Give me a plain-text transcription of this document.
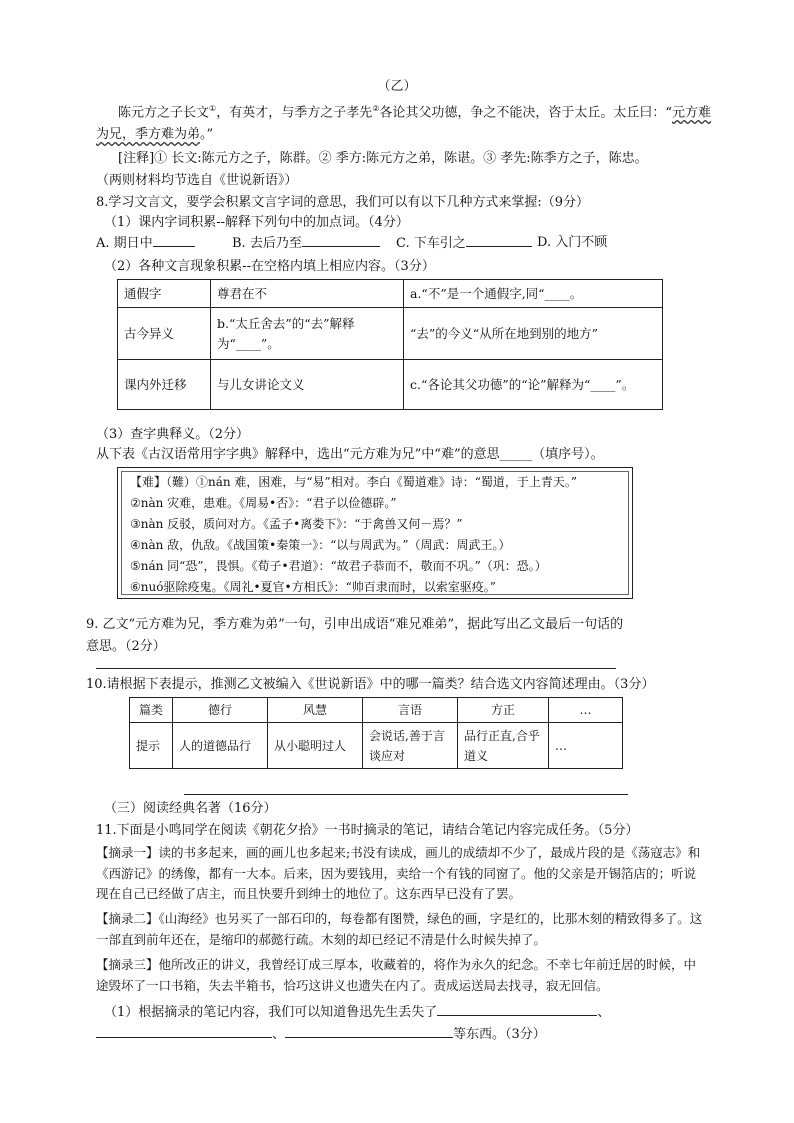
（乙）
陈元方之子长文①，有英才，与季方之子孝先②各论其父功德，争之不能决，咨于太丘。太丘曰：“元方难为兄，季方难为弟。”
[注释]① 长文:陈元方之子，陈群。② 季方:陈元方之弟，陈谌。③ 孝先:陈季方之子，陈忠。
（两则材料均节选自《世说新语》）
8.学习文言文，要学会积累文言字词的意思，我们可以有以下几种方式来掌握:（9分）
（1）课内字词积累--解释下列句中的加点词。（4分）
A. 期日中	B. 去后乃至	C. 下车引之	D. 入门不顾
（2）各种文言现象积累--在空格内填上相应内容。（3分）
通假字	尊君在不	a.“不”是一个通假字,同“____。
古今异义	b.“太丘舍去”的“去”解释为“____”。	“去”的今义“从所在地到别的地方”
课内外迁移	与儿女讲论文义	c.“各论其父功德”的“论”解释为“____”。
（3）查字典释义。（2分）
从下表《古汉语常用字字典》解释中，选出“元方难为兄”中“难”的意思_____（填序号）。
【难】（難）①nán 难，困难，与“易”相对。李白《蜀道难》诗：“蜀道，于上青天。”
②nàn 灾难，患难。《周易•否》：“君子以俭德辟。”
③nàn 反驳，质问对方。《孟子•离娄下》：“于禽兽又何－焉？”
④nàn 敌，仇敌。《战国策•秦策一》：“以与周武为。”（周武：周武王。）
⑤nán 同“恐”，畏惧。《荀子•君道》：“故君子恭而不，敬而不巩。”（巩：恐。）
⑥nuó驱除疫鬼。《周礼•夏官•方相氏》：“帅百隶而时，以索室驱疫。”
9. 乙文“元方难为兄，季方难为弟”一句，引申出成语“难兄难弟”，据此写出乙文最后一句话的
意思。（2分）
10.请根据下表提示，推测乙文被编入《世说新语》中的哪一篇类？结合选文内容简述理由。（3分）
篇类	德行	风慧	言语	方正	…
提示	人的道德品行	从小聪明过人	会说话,善于言谈应对	品行正直,合乎道义	…
（三）阅读经典名著（16分）
11.下面是小鸣同学在阅读《朝花夕拾》一书时摘录的笔记，请结合笔记内容完成任务。（5分）
【摘录一】读的书多起来，画的画儿也多起来;书没有读成，画儿的成绩却不少了，最成片段的是《荡寇志》和《西游记》的绣像，都有一大本。后来，因为要钱用，卖给一个有钱的同窗了。他的父亲是开锡箔店的；听说现在自己已经做了店主，而且快要升到绅士的地位了。这东西早已没有了罢。
【摘录二】《山海经》也另买了一部石印的，每卷都有图赞，绿色的画，字是红的，比那木刻的精致得多了。这一部直到前年还在，是缩印的郝懿行疏。木刻的却已经记不清是什么时候失掉了。
【摘录三】他所改正的讲义，我曾经订成三厚本，收藏着的，将作为永久的纪念。不幸七年前迁居的时候，中途毁坏了一口书箱，失去半箱书，恰巧这讲义也遗失在内了。责成运送局去找寻，寂无回信。
（1）根据摘录的笔记内容，我们可以知道鲁迅先生丢失了	、
、	等东西。（3分）
